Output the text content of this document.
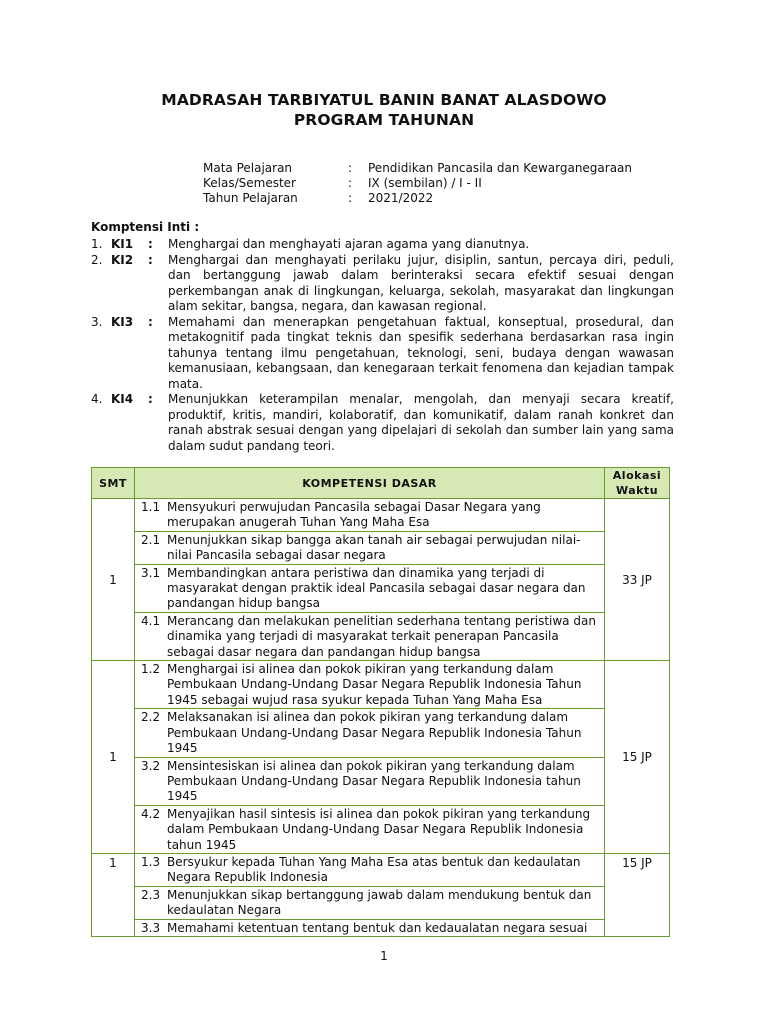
MADRASAH TARBIYATUL BANIN BANAT ALASDOWO
PROGRAM TAHUNAN
Mata Pelajaran	:	Pendidikan Pancasila dan Kewarganegaraan
Kelas/Semester	:	IX (sembilan) / I - II
Tahun Pelajaran	:	2021/2022
Komptensi Inti :
1. KI1	:	Menghargai dan menghayati ajaran agama yang dianutnya.
2. KI2	:	Menghargai dan menghayati perilaku jujur, disiplin, santun, percaya diri, peduli, dan bertanggung jawab dalam berinteraksi secara efektif sesuai dengan perkembangan anak di lingkungan, keluarga, sekolah, masyarakat dan lingkungan alam sekitar, bangsa, negara, dan kawasan regional.
3. KI3	:	Memahami dan menerapkan pengetahuan faktual, konseptual, prosedural, dan metakognitif pada tingkat teknis dan spesifik sederhana berdasarkan rasa ingin tahunya tentang ilmu pengetahuan, teknologi, seni, budaya dengan wawasan kemanusiaan, kebangsaan, dan kenegaraan terkait fenomena dan kejadian tampak mata.
4. KI4	:	Menunjukkan keterampilan menalar, mengolah, dan menyaji secara kreatif, produktif, kritis, mandiri, kolaboratif, dan komunikatif, dalam ranah konkret dan ranah abstrak sesuai dengan yang dipelajari di sekolah dan sumber lain yang sama dalam sudut pandang teori.
SMT	KOMPETENSI DASAR	Alokasi
Waktu
1	1.1 Mensyukuri perwujudan Pancasila sebagai Dasar Negara yang merupakan anugerah Tuhan Yang Maha Esa	33 JP

	2.1 Menunjukkan sikap bangga akan tanah air sebagai perwujudan nilai-nilai Pancasila sebagai dasar negara	

	3.1 Membandingkan antara peristiwa dan dinamika yang terjadi di masyarakat dengan praktik ideal Pancasila sebagai dasar negara dan pandangan hidup bangsa	

	4.1 Merancang dan melakukan penelitian sederhana tentang peristiwa dan dinamika yang terjadi di masyarakat terkait penerapan Pancasila sebagai dasar negara dan pandangan hidup bangsa	

1	1.2 Menghargai isi alinea dan pokok pikiran yang terkandung dalam Pembukaan Undang-Undang Dasar Negara Republik Indonesia Tahun 1945 sebagai wujud rasa syukur kepada Tuhan Yang Maha Esa	15 JP

	2.2 Melaksanakan isi alinea dan pokok pikiran yang terkandung dalam Pembukaan Undang-Undang Dasar Negara Republik Indonesia Tahun 1945	

	3.2 Mensintesiskan isi alinea dan pokok pikiran yang terkandung dalam Pembukaan Undang-Undang Dasar Negara Republik Indonesia tahun 1945	

	4.2 Menyajikan hasil sintesis isi alinea dan pokok pikiran yang terkandung dalam Pembukaan Undang-Undang Dasar Negara Republik Indonesia tahun 1945	

1	1.3 Bersyukur kepada Tuhan Yang Maha Esa atas bentuk dan kedaulatan Negara Republik Indonesia	15 JP

	2.3 Menunjukkan sikap bertanggung jawab dalam mendukung bentuk dan kedaulatan Negara	

	3.3 Memahami ketentuan tentang bentuk dan kedaualatan negara sesuai	
1
